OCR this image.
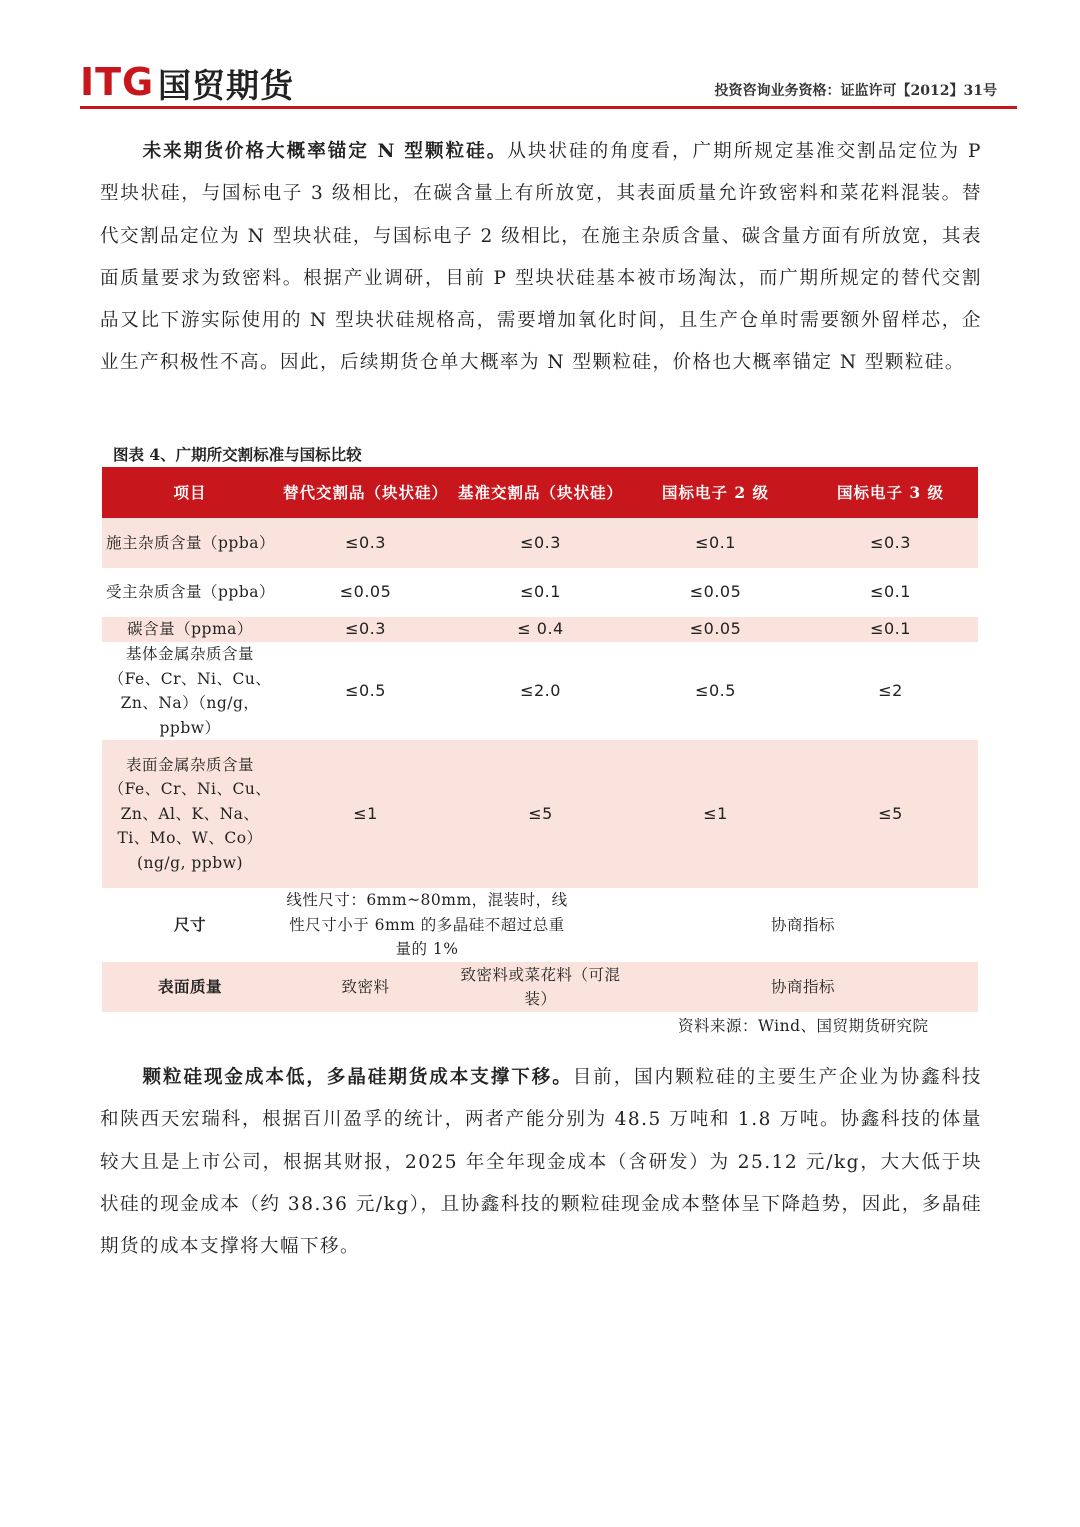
ITG 国贸期货	投资咨询业务资格：证监许可【2012】31号

未来期货价格大概率锚定 N 型颗粒硅。从块状硅的角度看，广期所规定基准交割品定位为 P 型块状硅，与国标电子 3 级相比，在碳含量上有所放宽，其表面质量允许致密料和菜花料混装。替代交割品定位为 N 型块状硅，与国标电子 2 级相比，在施主杂质含量、碳含量方面有所放宽，其表面质量要求为致密料。根据产业调研，目前 P 型块状硅基本被市场淘汰，而广期所规定的替代交割品又比下游实际使用的 N 型块状硅规格高，需要增加氧化时间，且生产仓单时需要额外留样芯，企业生产积极性不高。因此，后续期货仓单大概率为 N 型颗粒硅，价格也大概率锚定 N 型颗粒硅。

图表 4、广期所交割标准与国标比较
项目	替代交割品（块状硅）	基准交割品（块状硅）	国标电子 2 级	国标电子 3 级
施主杂质含量（ppba）	≤0.3	≤0.3	≤0.1	≤0.3
受主杂质含量（ppba）	≤0.05	≤0.1	≤0.05	≤0.1
碳含量（ppma）	≤0.3	≤ 0.4	≤0.05	≤0.1
基体金属杂质含量（Fe、Cr、Ni、Cu、Zn、Na）（ng/g，ppbw）	≤0.5	≤2.0	≤0.5	≤2
表面金属杂质含量（Fe、Cr、Ni、Cu、Zn、Al、K、Na、Ti、Mo、W、Co）(ng/g, ppbw)	≤1	≤5	≤1	≤5
尺寸	线性尺寸：6mm~80mm，混装时，线性尺寸小于 6mm 的多晶硅不超过总重量的 1%		协商指标	
表面质量	致密料	致密料或菜花料（可混装）	协商指标	
资料来源：Wind、国贸期货研究院

颗粒硅现金成本低，多晶硅期货成本支撑下移。目前，国内颗粒硅的主要生产企业为协鑫科技和陕西天宏瑞科，根据百川盈孚的统计，两者产能分别为 48.5 万吨和 1.8 万吨。协鑫科技的体量较大且是上市公司，根据其财报，2025 年全年现金成本（含研发）为 25.12 元/kg，大大低于块状硅的现金成本（约 38.36 元/kg），且协鑫科技的颗粒硅现金成本整体呈下降趋势，因此，多晶硅期货的成本支撑将大幅下移。
